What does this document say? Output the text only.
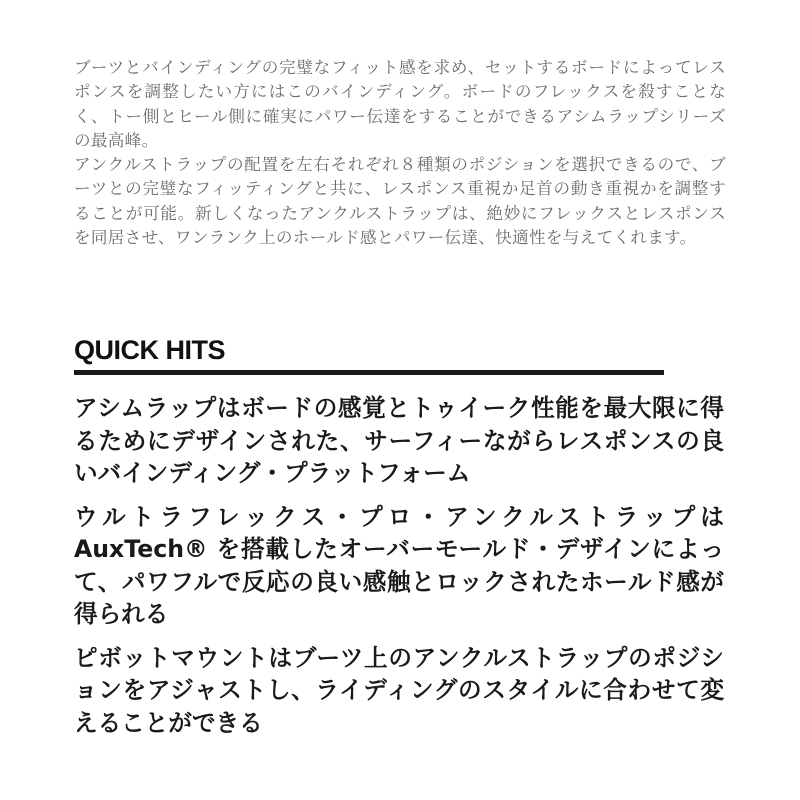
ブーツとバインディングの完璧なフィット感を求め、セットするボードによってレスポンスを調整したい方にはこのバインディング。ボードのフレックスを殺すことなく、トー側とヒール側に確実にパワー伝達をすることができるアシムラップシリーズの最高峰。

アンクルストラップの配置を左右それぞれ８種類のポジションを選択できるので、ブーツとの完璧なフィッティングと共に、レスポンス重視か足首の動き重視かを調整することが可能。新しくなったアンクルストラップは、絶妙にフレックスとレスポンスを同居させ、ワンランク上のホールド感とパワー伝達、快適性を与えてくれます。

QUICK HITS
アシムラップはボードの感覚とトゥイーク性能を最大限に得るためにデザインされた、サーフィーながらレスポンスの良いバインディング・プラットフォーム
ウルトラフレックス・プロ・アンクルストラップはAuxTech® を搭載したオーバーモールド・デザインによって、パワフルで反応の良い感触とロックされたホールド感が得られる
ピボットマウントはブーツ上のアンクルストラップのポジションをアジャストし、ライディングのスタイルに合わせて変えることができる
